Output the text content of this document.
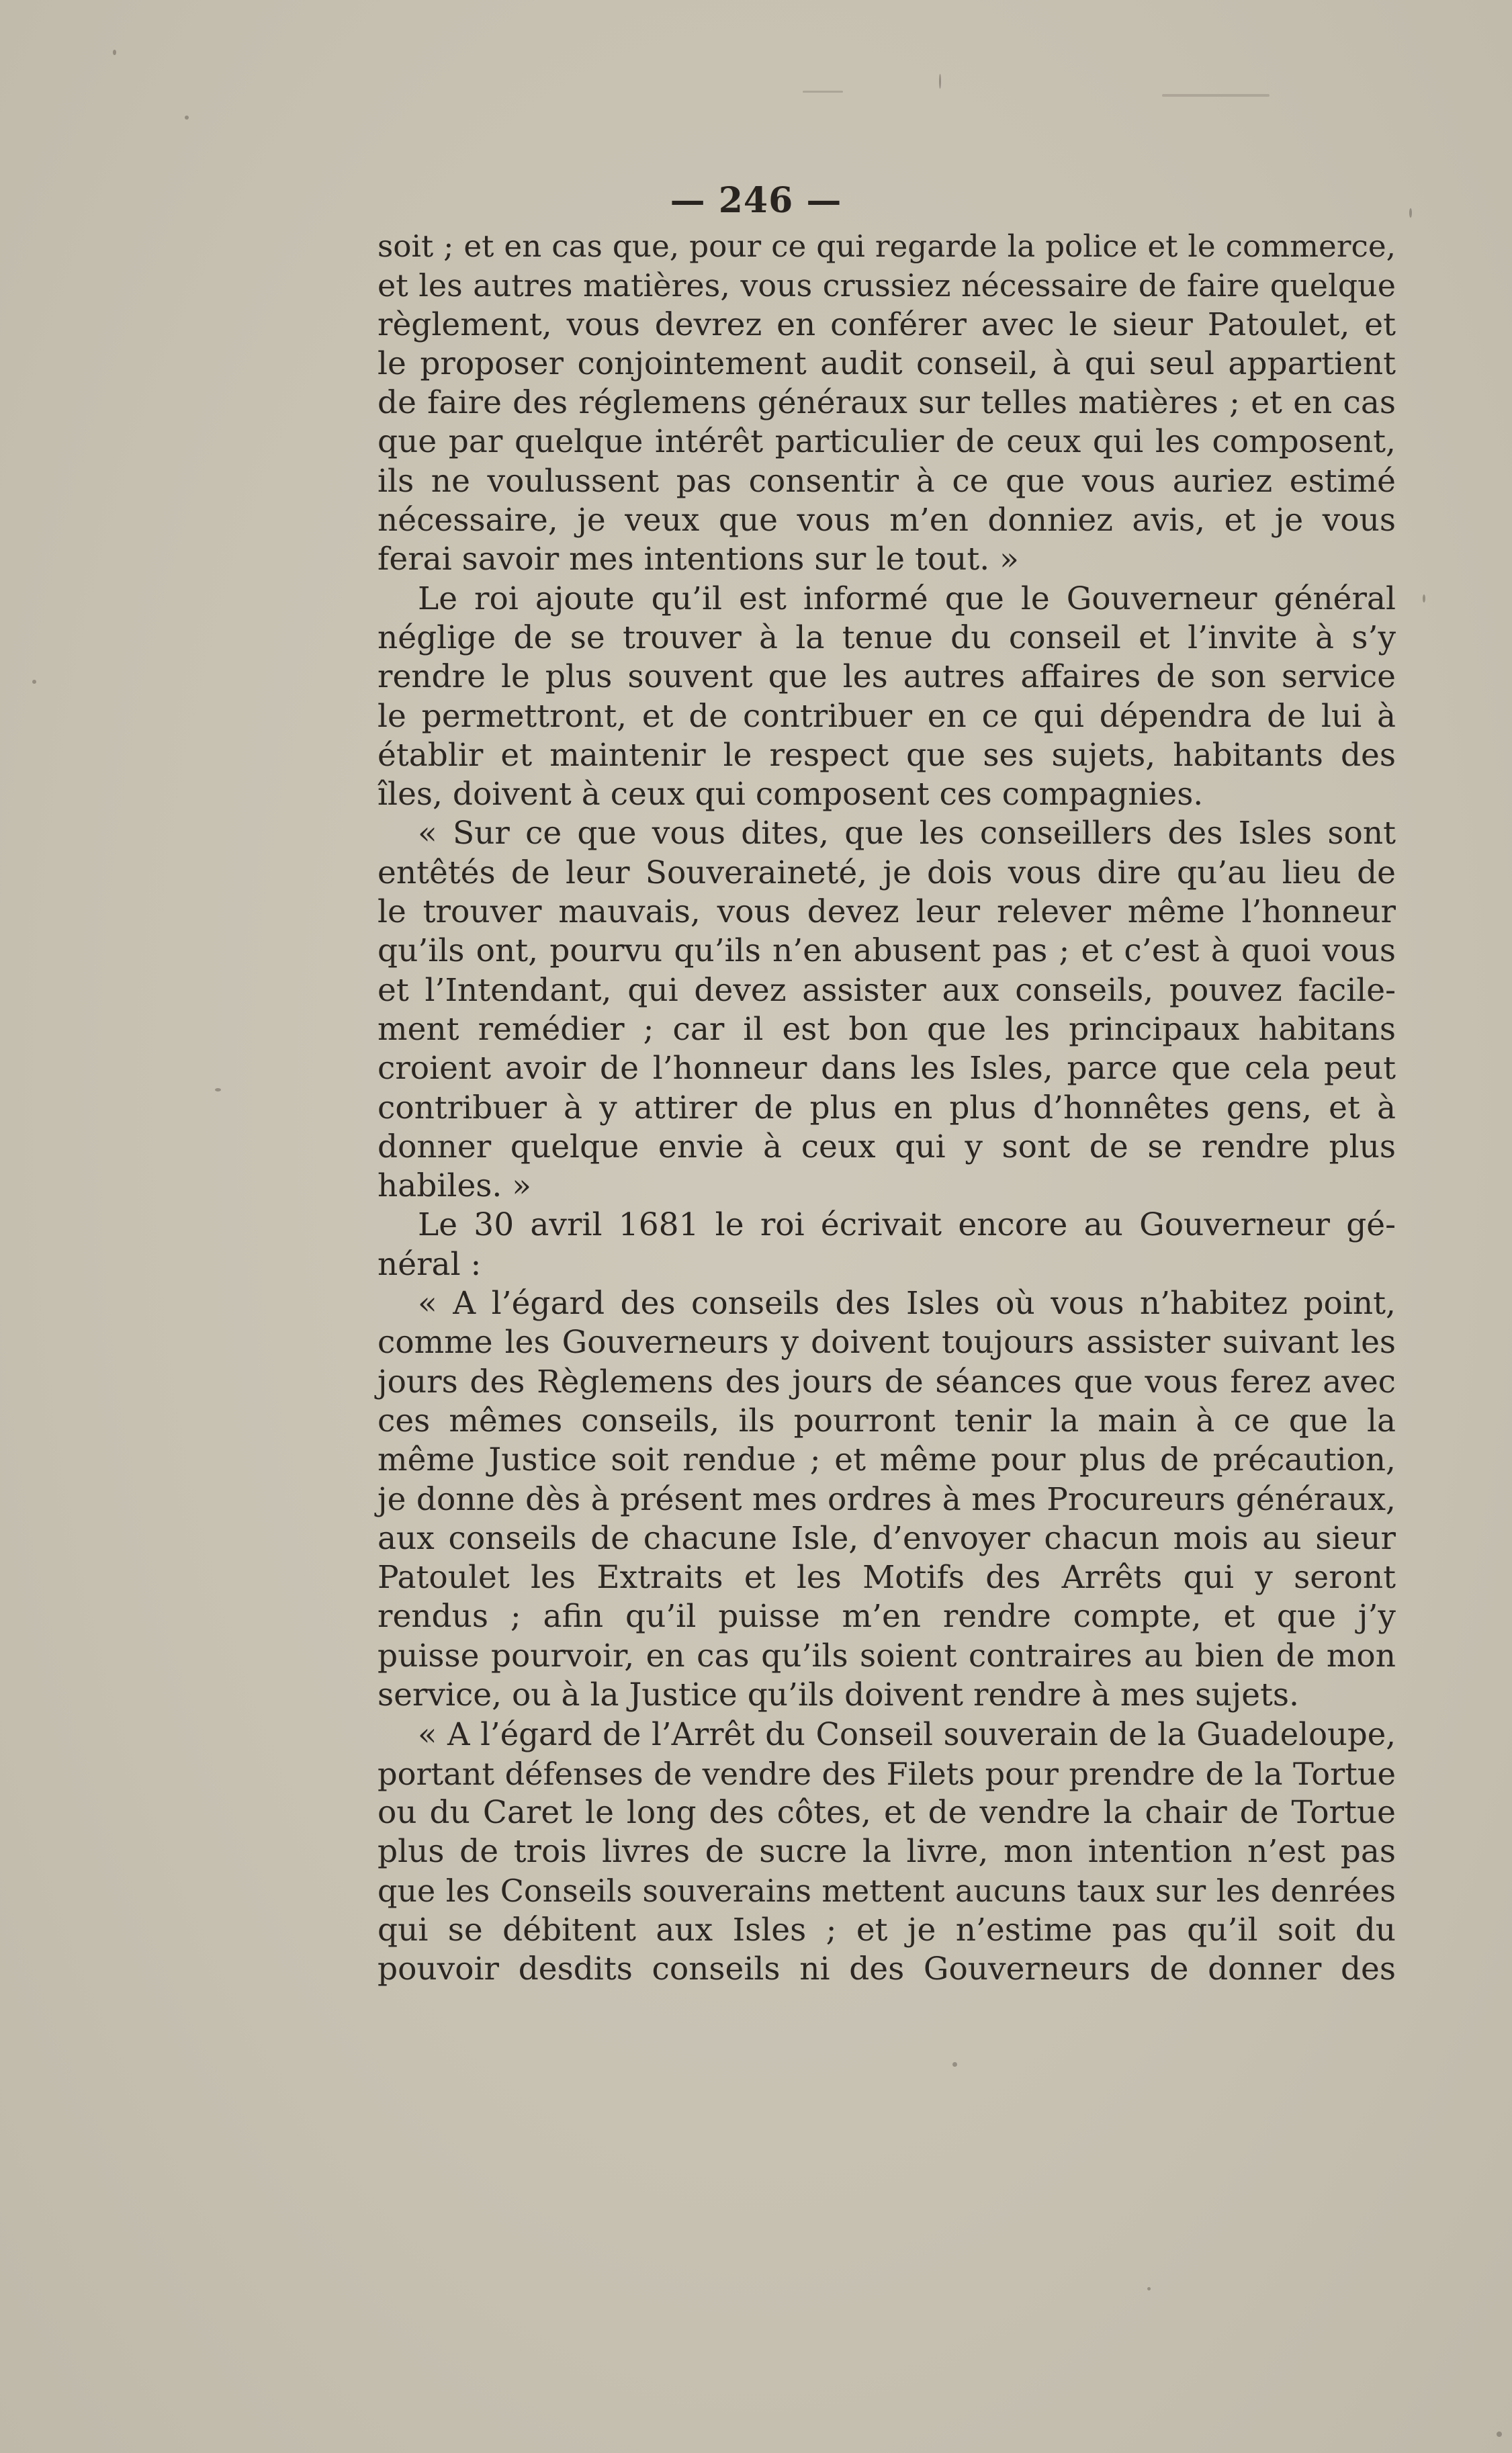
— 246 —
soit ; et en cas que, pour ce qui regarde la police et le commerce,
et les autres matières, vous crussiez nécessaire de faire quelque
règlement, vous devrez en conférer avec le sieur Patoulet, et
le proposer conjointement audit conseil, à qui seul appartient
de faire des réglemens généraux sur telles matières ; et en cas
que par quelque intérêt particulier de ceux qui les composent,
ils ne voulussent pas consentir à ce que vous auriez estimé
nécessaire, je veux que vous m’en donniez avis, et je vous
ferai savoir mes intentions sur le tout. »
Le roi ajoute qu’il est informé que le Gouverneur général
néglige de se trouver à la tenue du conseil et l’invite à s’y
rendre le plus souvent que les autres affaires de son service
le permettront, et de contribuer en ce qui dépendra de lui à
établir et maintenir le respect que ses sujets, habitants des
îles, doivent à ceux qui composent ces compagnies.
« Sur ce que vous dites, que les conseillers des Isles sont
entêtés de leur Souveraineté, je dois vous dire qu’au lieu de
le trouver mauvais, vous devez leur relever même l’honneur
qu’ils ont, pourvu qu’ils n’en abusent pas ; et c’est à quoi vous
et l’Intendant, qui devez assister aux conseils, pouvez facile-
ment remédier ; car il est bon que les principaux habitans
croient avoir de l’honneur dans les Isles, parce que cela peut
contribuer à y attirer de plus en plus d’honnêtes gens, et à
donner quelque envie à ceux qui y sont de se rendre plus
habiles. »
Le 30 avril 1681 le roi écrivait encore au Gouverneur gé-
néral :
« A l’égard des conseils des Isles où vous n’habitez point,
comme les Gouverneurs y doivent toujours assister suivant les
jours des Règlemens des jours de séances que vous ferez avec
ces mêmes conseils, ils pourront tenir la main à ce que la
même Justice soit rendue ; et même pour plus de précaution,
je donne dès à présent mes ordres à mes Procureurs généraux,
aux conseils de chacune Isle, d’envoyer chacun mois au sieur
Patoulet les Extraits et les Motifs des Arrêts qui y seront
rendus ; afin qu’il puisse m’en rendre compte, et que j’y
puisse pourvoir, en cas qu’ils soient contraires au bien de mon
service, ou à la Justice qu’ils doivent rendre à mes sujets.
« A l’égard de l’Arrêt du Conseil souverain de la Guadeloupe,
portant défenses de vendre des Filets pour prendre de la Tortue
ou du Caret le long des côtes, et de vendre la chair de Tortue
plus de trois livres de sucre la livre, mon intention n’est pas
que les Conseils souverains mettent aucuns taux sur les denrées
qui se débitent aux Isles ; et je n’estime pas qu’il soit du
pouvoir desdits conseils ni des Gouverneurs de donner des
